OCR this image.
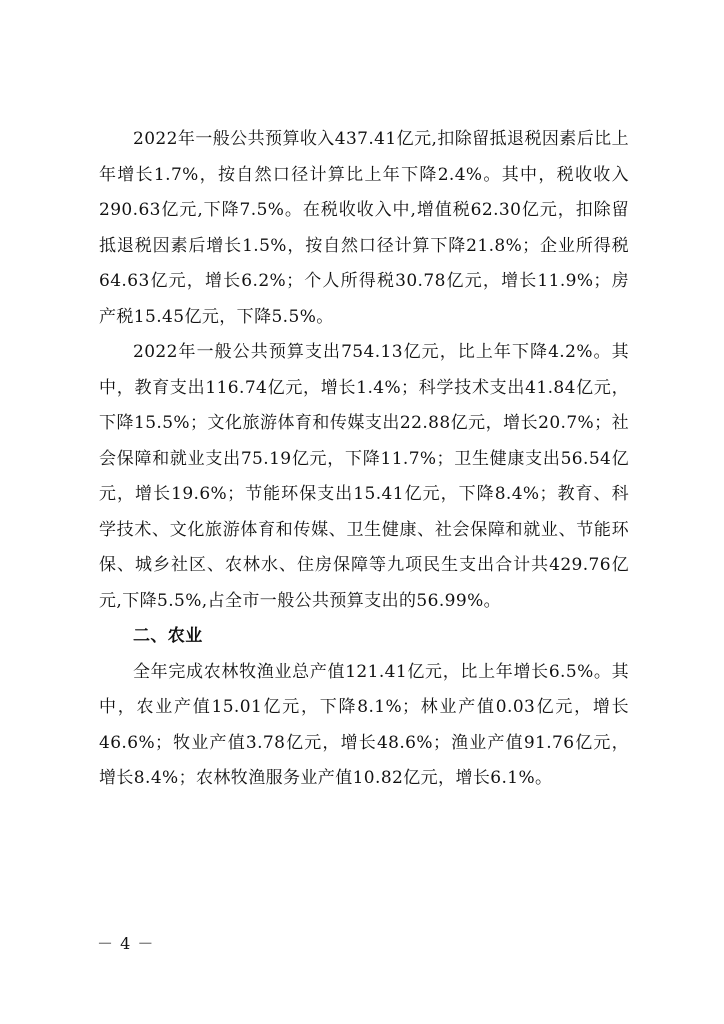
2022年一般公共预算收入437.41亿元,扣除留抵退税因素后比上年增长1.7%，按自然口径计算比上年下降2.4%。其中，税收收入290.63亿元,下降7.5%。在税收收入中,增值税62.30亿元，扣除留抵退税因素后增长1.5%，按自然口径计算下降21.8%；企业所得税64.63亿元，增长6.2%；个人所得税30.78亿元，增长11.9%；房产税15.45亿元，下降5.5%。

2022年一般公共预算支出754.13亿元，比上年下降4.2%。其中，教育支出116.74亿元，增长1.4%；科学技术支出41.84亿元，下降15.5%；文化旅游体育和传媒支出22.88亿元，增长20.7%；社会保障和就业支出75.19亿元，下降11.7%；卫生健康支出56.54亿元，增长19.6%；节能环保支出15.41亿元，下降8.4%；教育、科学技术、文化旅游体育和传媒、卫生健康、社会保障和就业、节能环保、城乡社区、农林水、住房保障等九项民生支出合计共429.76亿元,下降5.5%,占全市一般公共预算支出的56.99%。

二、农业

全年完成农林牧渔业总产值121.41亿元，比上年增长6.5%。其中，农业产值15.01亿元，下降8.1%；林业产值0.03亿元，增长46.6%；牧业产值3.78亿元，增长48.6%；渔业产值91.76亿元，增长8.4%；农林牧渔服务业产值10.82亿元，增长6.1%。

－ 4 －
